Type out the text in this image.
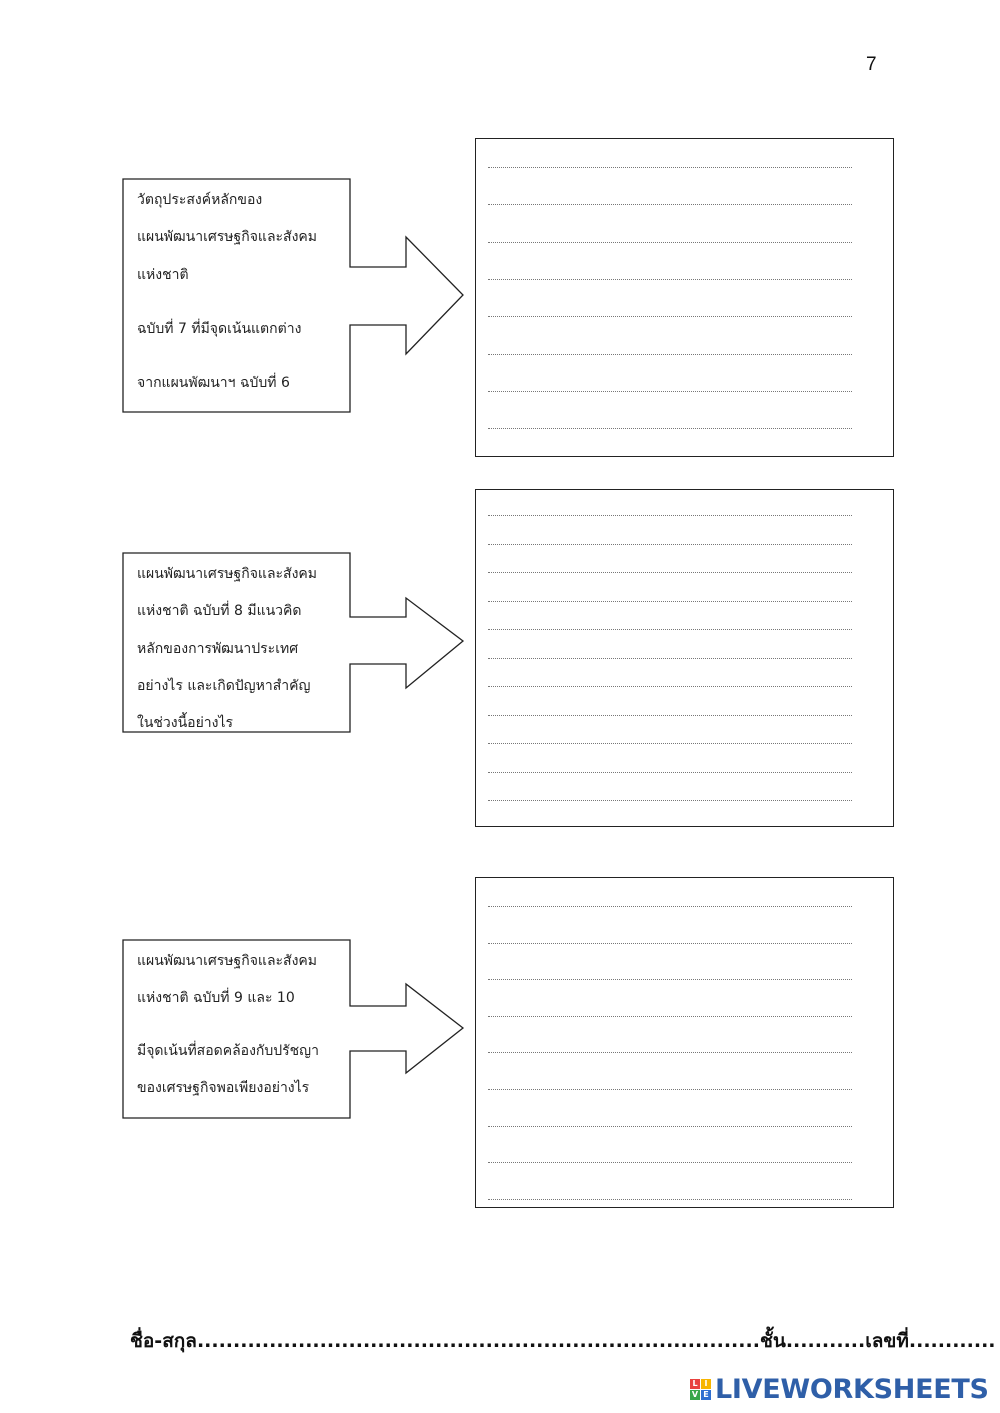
7
วัตถุประสงค์หลักของ
แผนพัฒนาเศรษฐกิจและสังคม
แห่งชาติ
ฉบับที่ 7 ที่มีจุดเน้นแตกต่าง
จากแผนพัฒนาฯ ฉบับที่ 6
แผนพัฒนาเศรษฐกิจและสังคม
แห่งชาติ ฉบับที่ 8 มีแนวคิด
หลักของการพัฒนาประเทศ
อย่างไร และเกิดปัญหาสำคัญ
ในช่วงนี้อย่างไร
แผนพัฒนาเศรษฐกิจและสังคม
แห่งชาติ ฉบับที่ 9 และ 10
มีจุดเน้นที่สอดคล้องกับปรัชญา
ของเศรษฐกิจพอเพียงอย่างไร
ชื่อ-สกุล..............................................................................ชั้น...........เลขที่............
L I
V E LIVEWORKSHEETS
